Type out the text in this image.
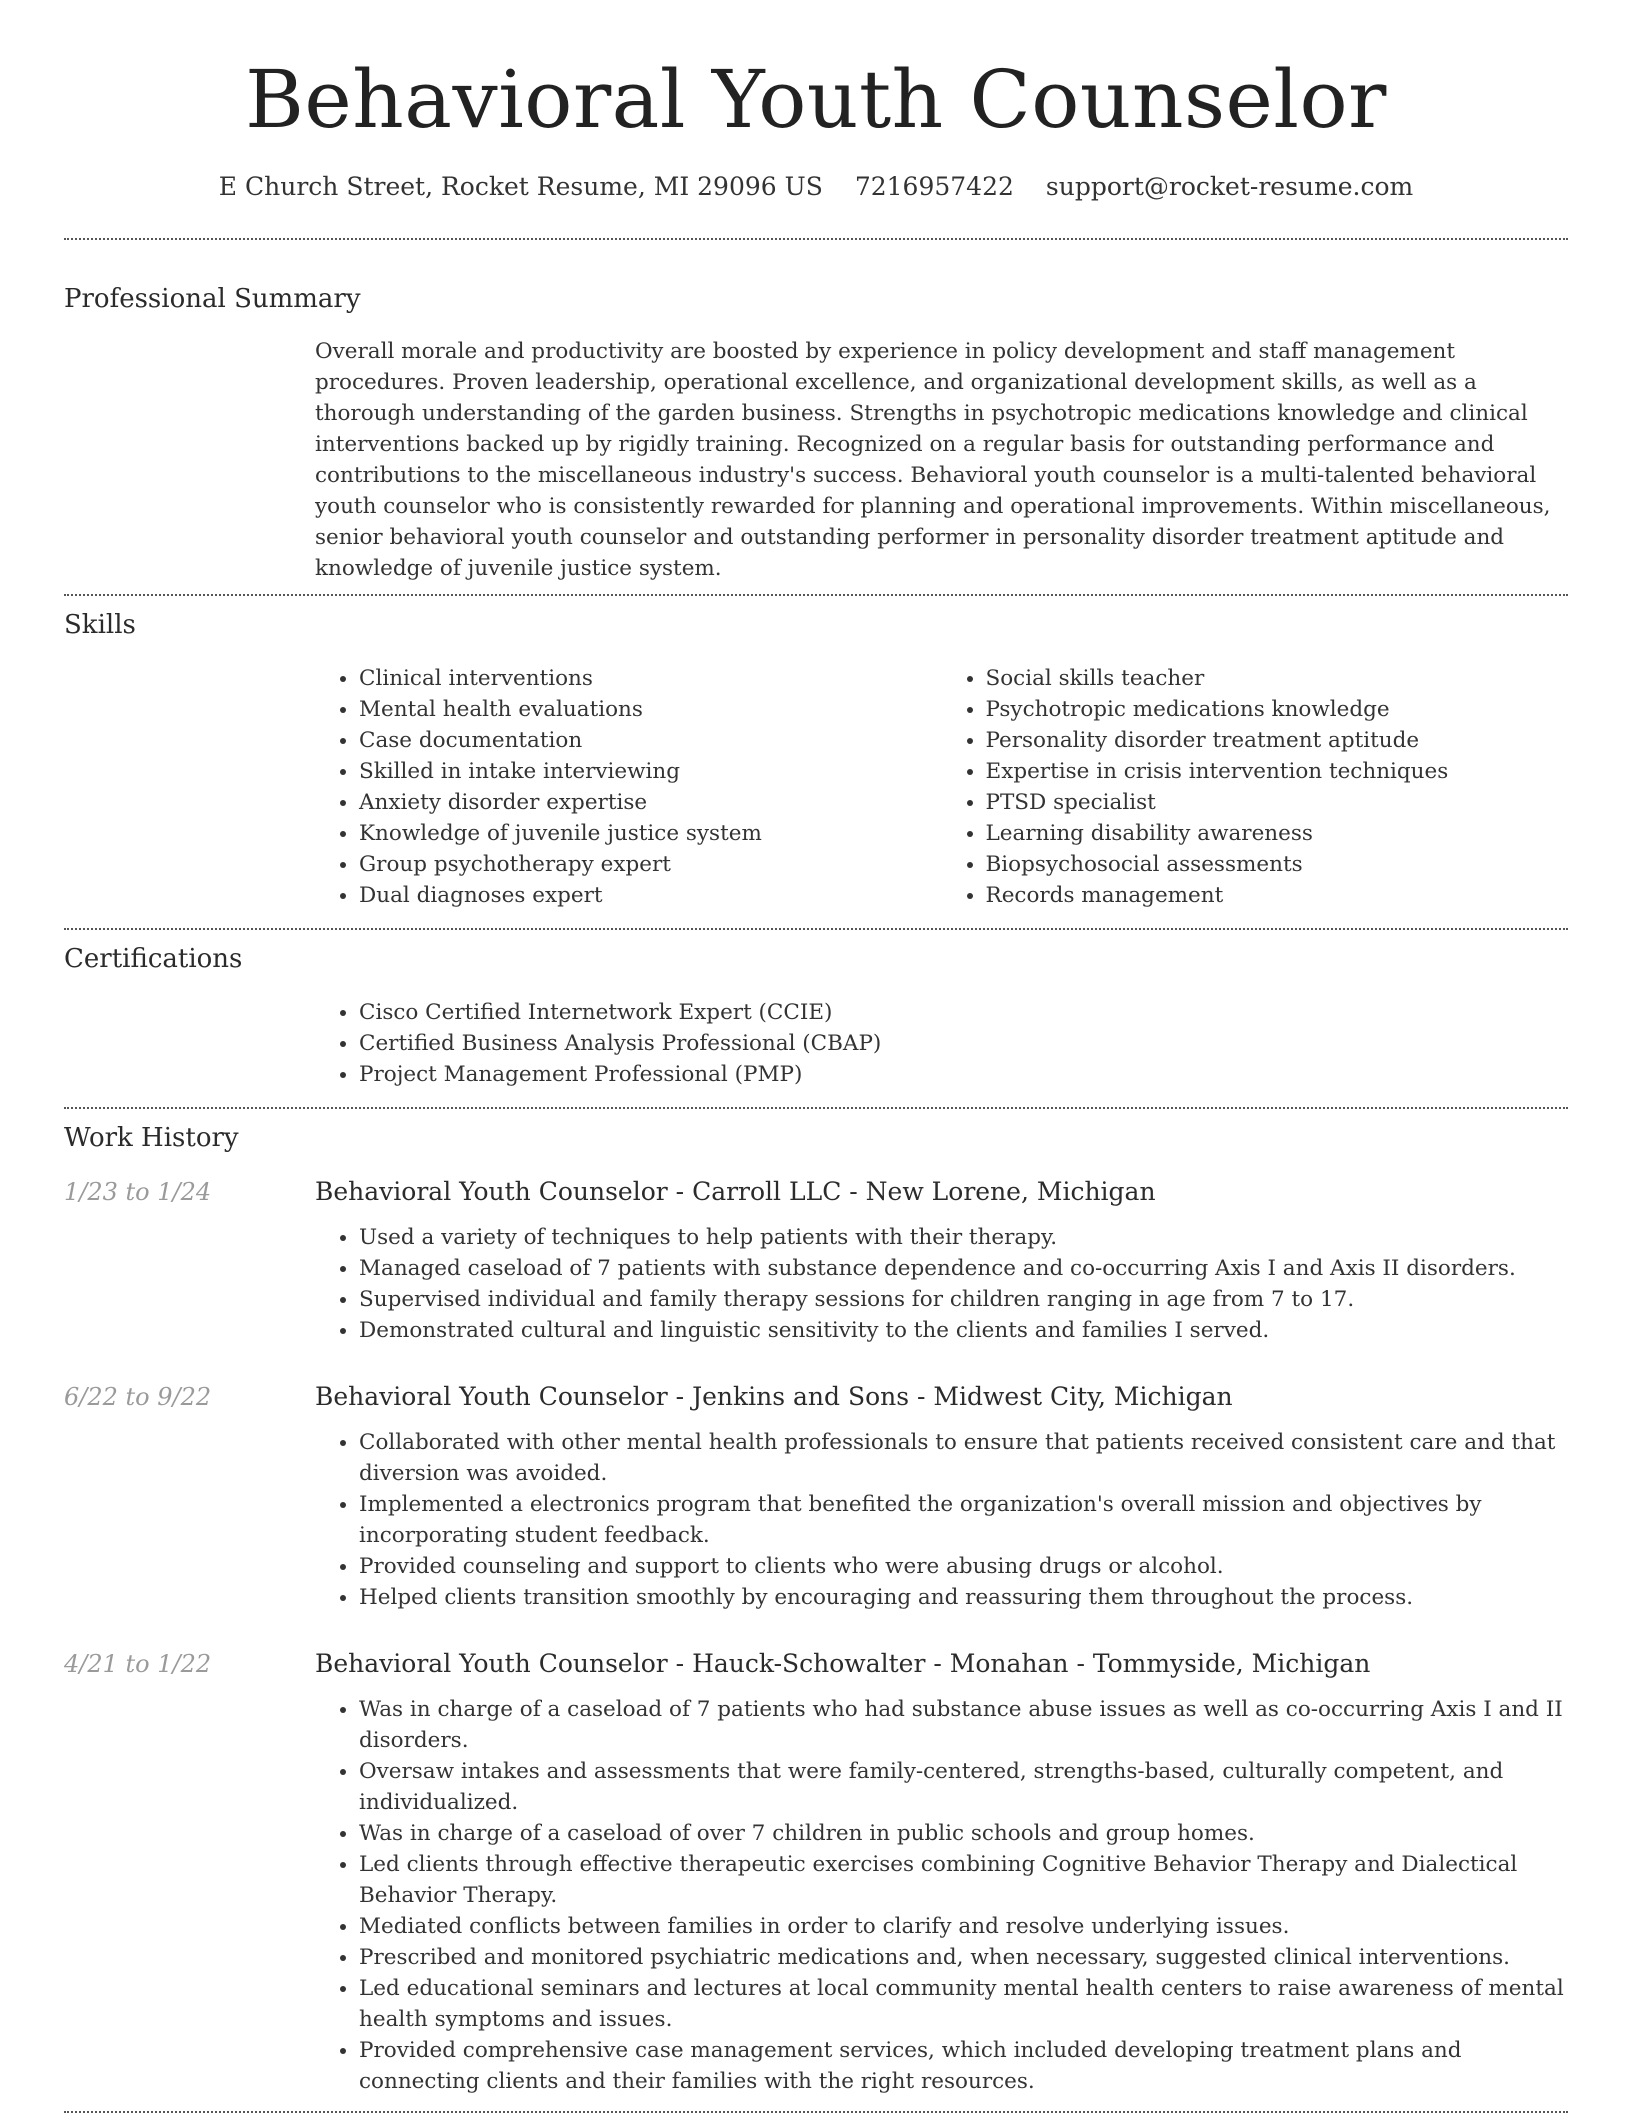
Behavioral Youth Counselor
E Church Street, Rocket Resume, MI 29096 US 7216957422 support@rocket-resume.com
Professional Summary
Overall morale and productivity are boosted by experience in policy development and staff management procedures. Proven leadership, operational excellence, and organizational development skills, as well as a thorough understanding of the garden business. Strengths in psychotropic medications knowledge and clinical interventions backed up by rigidly training. Recognized on a regular basis for outstanding performance and contributions to the miscellaneous industry's success. Behavioral youth counselor is a multi-talented behavioral youth counselor who is consistently rewarded for planning and operational improvements. Within miscellaneous, senior behavioral youth counselor and outstanding performer in personality disorder treatment aptitude and knowledge of juvenile justice system.
Skills
• Clinical interventions
• Mental health evaluations
• Case documentation
• Skilled in intake interviewing
• Anxiety disorder expertise
• Knowledge of juvenile justice system
• Group psychotherapy expert
• Dual diagnoses expert
• Social skills teacher
• Psychotropic medications knowledge
• Personality disorder treatment aptitude
• Expertise in crisis intervention techniques
• PTSD specialist
• Learning disability awareness
• Biopsychosocial assessments
• Records management
Certifications
• Cisco Certified Internetwork Expert (CCIE)
• Certified Business Analysis Professional (CBAP)
• Project Management Professional (PMP)
Work History
1/23 to 1/24	Behavioral Youth Counselor - Carroll LLC - New Lorene, Michigan
• Used a variety of techniques to help patients with their therapy.
• Managed caseload of 7 patients with substance dependence and co-occurring Axis I and Axis II disorders.
• Supervised individual and family therapy sessions for children ranging in age from 7 to 17.
• Demonstrated cultural and linguistic sensitivity to the clients and families I served.
6/22 to 9/22	Behavioral Youth Counselor - Jenkins and Sons - Midwest City, Michigan
• Collaborated with other mental health professionals to ensure that patients received consistent care and that diversion was avoided.
• Implemented a electronics program that benefited the organization's overall mission and objectives by incorporating student feedback.
• Provided counseling and support to clients who were abusing drugs or alcohol.
• Helped clients transition smoothly by encouraging and reassuring them throughout the process.
4/21 to 1/22	Behavioral Youth Counselor - Hauck-Schowalter - Monahan - Tommyside, Michigan
• Was in charge of a caseload of 7 patients who had substance abuse issues as well as co-occurring Axis I and II disorders.
• Oversaw intakes and assessments that were family-centered, strengths-based, culturally competent, and individualized.
• Was in charge of a caseload of over 7 children in public schools and group homes.
• Led clients through effective therapeutic exercises combining Cognitive Behavior Therapy and Dialectical Behavior Therapy.
• Mediated conflicts between families in order to clarify and resolve underlying issues.
• Prescribed and monitored psychiatric medications and, when necessary, suggested clinical interventions.
• Led educational seminars and lectures at local community mental health centers to raise awareness of mental health symptoms and issues.
• Provided comprehensive case management services, which included developing treatment plans and connecting clients and their families with the right resources.
